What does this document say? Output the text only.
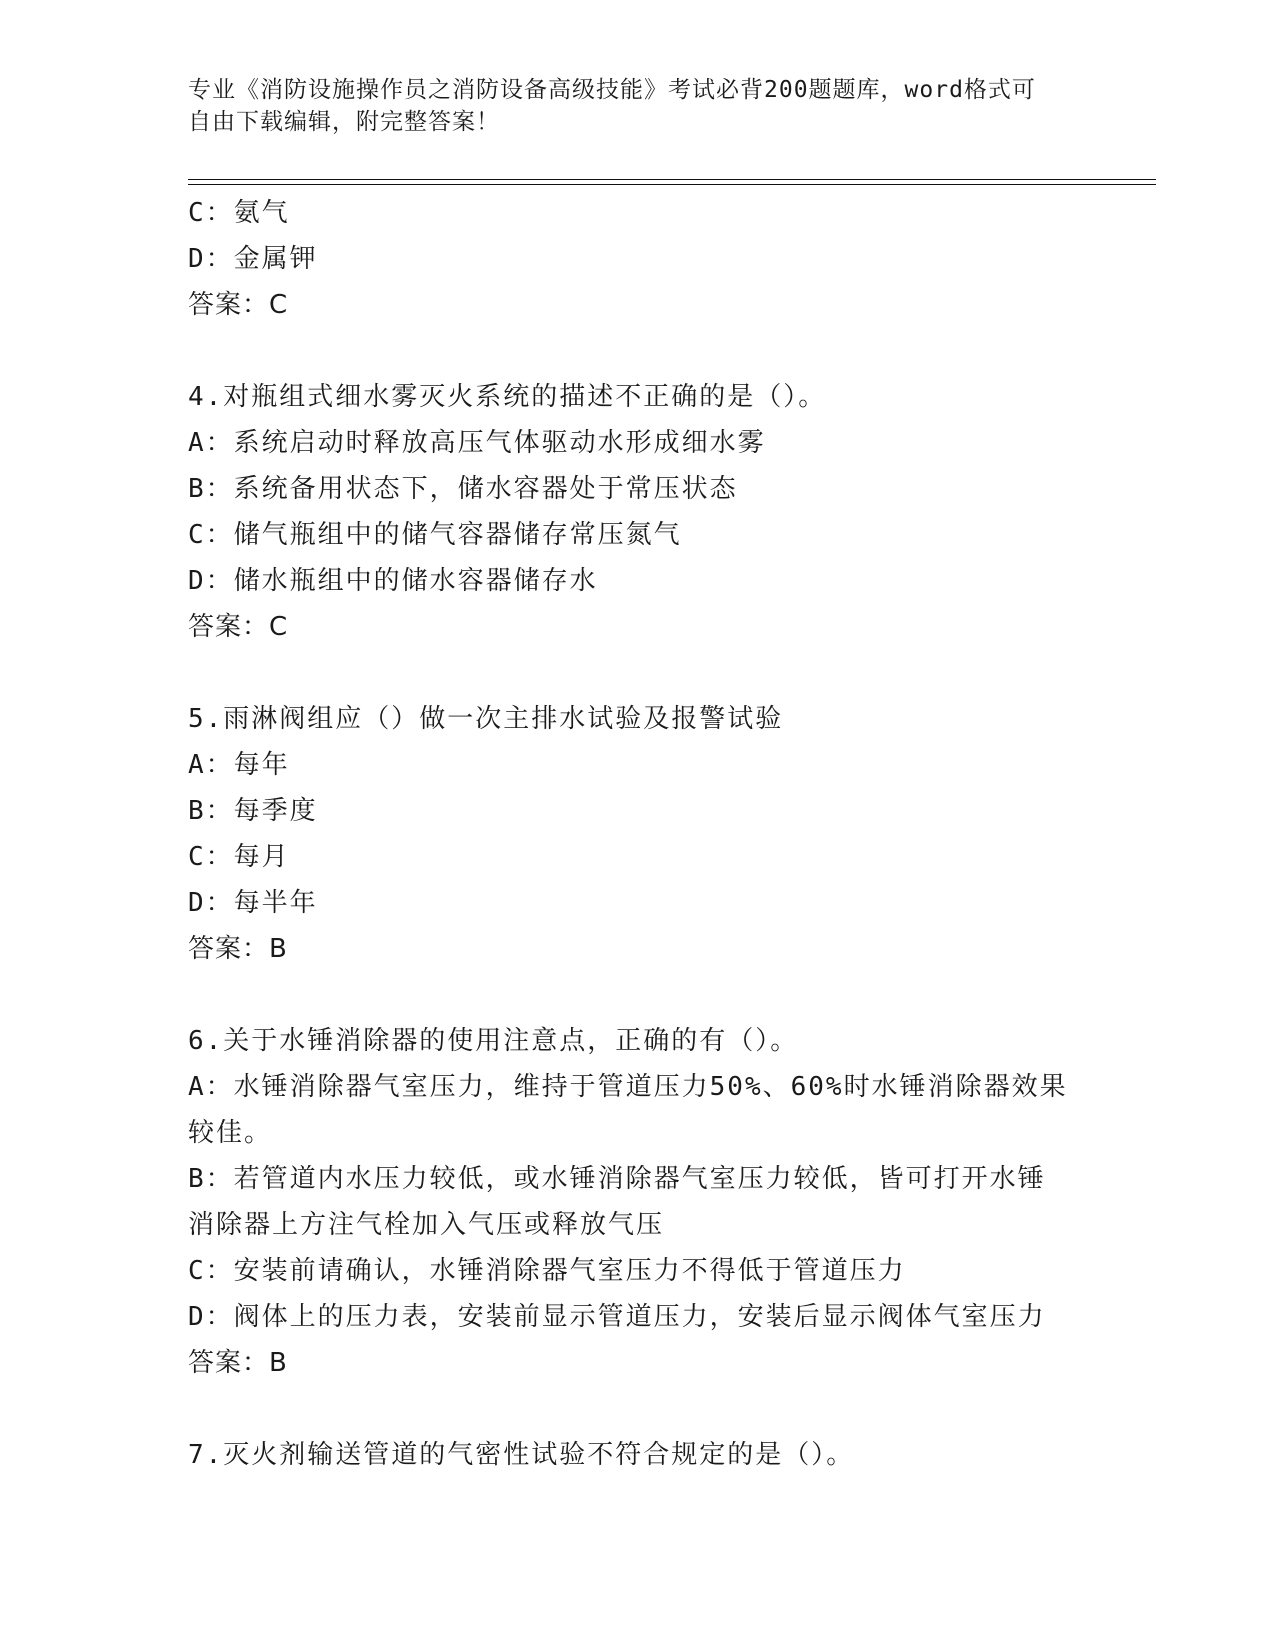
专业《消防设施操作员之消防设备高级技能》考试必背200题题库，word格式可
自由下载编辑，附完整答案！
C：氨气
D：金属钾
答案：C
4.对瓶组式细水雾灭火系统的描述不正确的是（）。
A：系统启动时释放高压气体驱动水形成细水雾
B：系统备用状态下，储水容器处于常压状态
C：储气瓶组中的储气容器储存常压氮气
D：储水瓶组中的储水容器储存水
答案：C
5.雨淋阀组应（）做一次主排水试验及报警试验
A：每年
B：每季度
C：每月
D：每半年
答案：B
6.关于水锤消除器的使用注意点，正确的有（）。
A：水锤消除器气室压力，维持于管道压力50%、60%时水锤消除器效果
较佳。
B：若管道内水压力较低，或水锤消除器气室压力较低，皆可打开水锤
消除器上方注气栓加入气压或释放气压
C：安装前请确认，水锤消除器气室压力不得低于管道压力
D：阀体上的压力表，安装前显示管道压力，安装后显示阀体气室压力
答案：B
7.灭火剂输送管道的气密性试验不符合规定的是（）。
